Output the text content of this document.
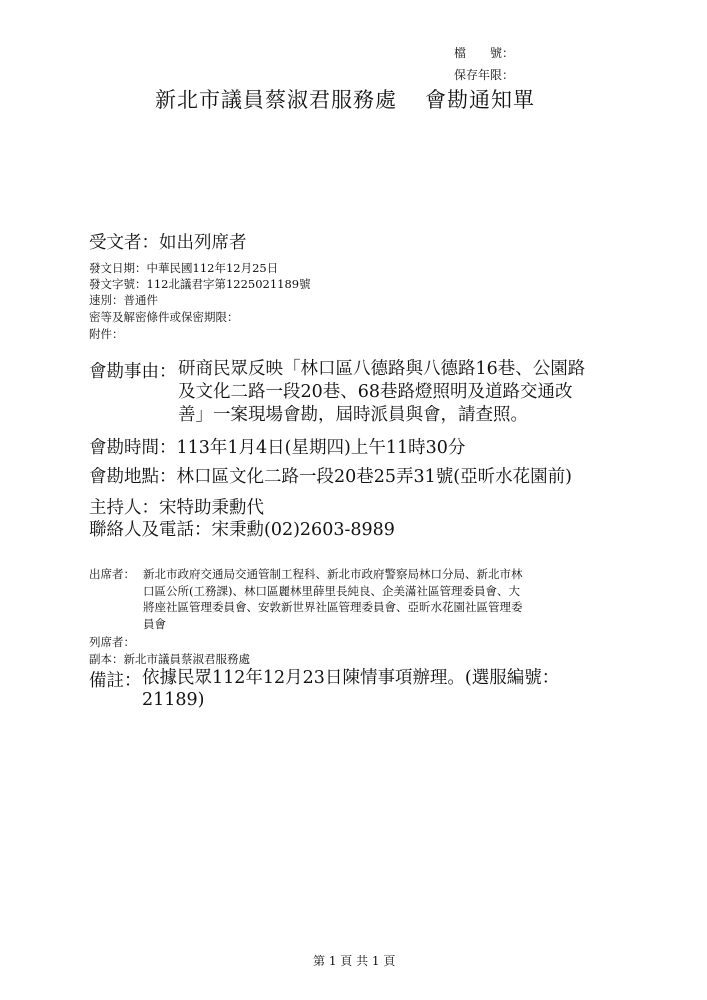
檔　　號：
保存年限：
新北市議員蔡淑君服務處 會勘通知單
受文者：如出列席者
發文日期：中華民國112年12月25日
發文字號：112北議君字第1225021189號
速別：普通件
密等及解密條件或保密期限：
附件：
會勘事由： 研商民眾反映「林口區八德路與八德路16巷、公園路
及文化二路一段20巷、68巷路燈照明及道路交通改
善」一案現場會勘，屆時派員與會，請查照。
會勘時間：113年1月4日(星期四)上午11時30分
會勘地點：林口區文化二路一段20巷25弄31號(亞昕水花園前)
主持人：宋特助秉勳代
聯絡人及電話：宋秉勳(02)2603-8989
出席者： 新北市政府交通局交通管制工程科、新北市政府警察局林口分局、新北市林
口區公所(工務課)、林口區麗林里薛里長純良、企美滿社區管理委員會、大
將座社區管理委員會、安敦新世界社區管理委員會、亞昕水花園社區管理委
員會
列席者：
副本：新北市議員蔡淑君服務處
備註： 依據民眾112年12月23日陳情事項辦理。(選服編號：
21189)
第 1 頁 共 1 頁
